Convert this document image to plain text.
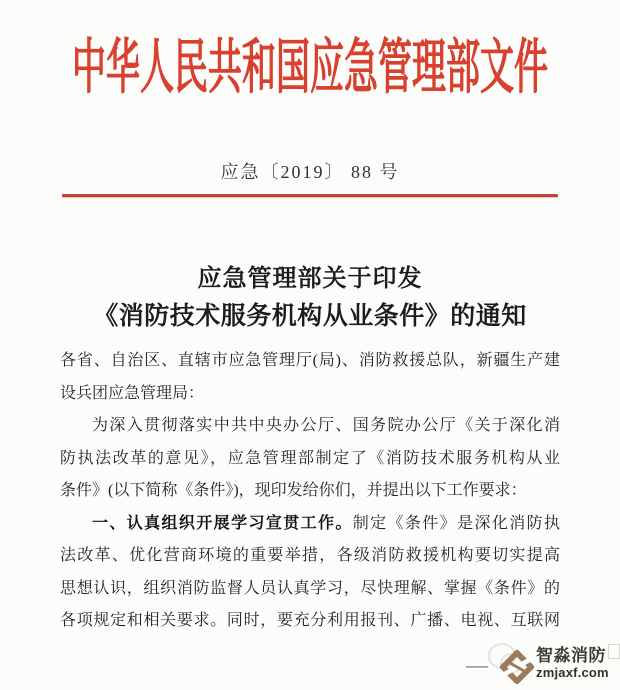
中华人民共和国应急管理部文件
应急〔2019〕 88 号
应急管理部关于印发
《消防技术服务机构从业条件》的通知
各省、自治区、直辖市应急管理厅(局)、消防救援总队，新疆生产建
设兵团应急管理局：
为深入贯彻落实中共中央办公厅、国务院办公厅《关于深化消
防执法改革的意见》，应急管理部制定了《消防技术服务机构从业
条件》(以下简称《条件》)，现印发给你们，并提出以下工作要求：
一、认真组织开展学习宣贯工作。制定《条件》是深化消防执
法改革、优化营商环境的重要举措，各级消防救援机构要切实提高
思想认识，组织消防监督人员认真学习，尽快理解、掌握《条件》的
各项规定和相关要求。同时，要充分利用报刊、广播、电视、互联网
—	智淼消防
zmjaxf.com
